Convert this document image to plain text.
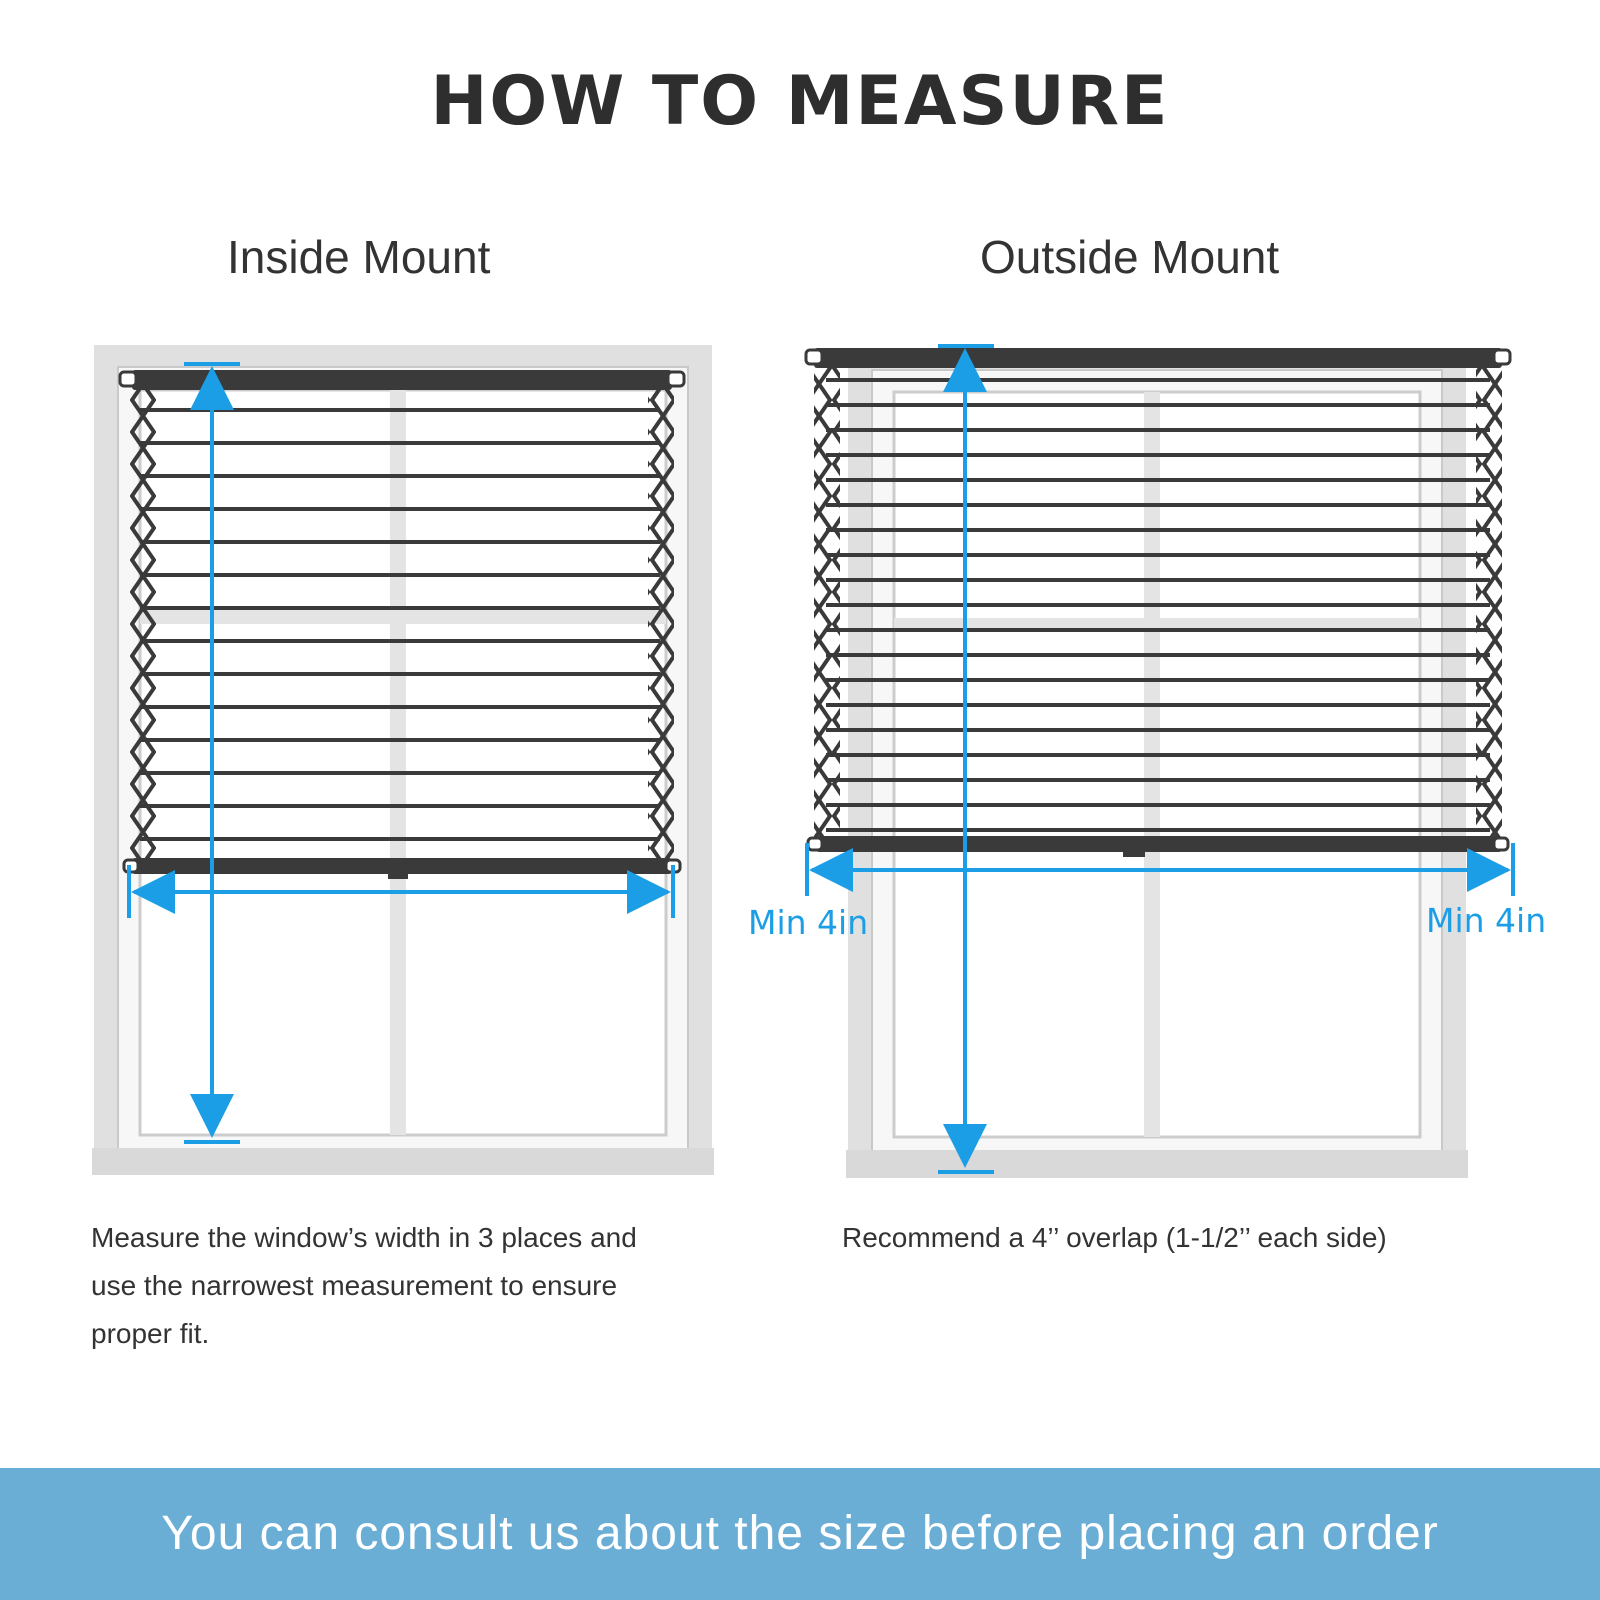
HOW TO MEASURE
Inside Mount	Outside Mount
Min 4in	Min 4in
Measure the window’s width in 3 places and
use the narrowest measurement to ensure
proper fit.
Recommend a 4’’ overlap (1-1/2’’ each side)
You can consult us about the size before placing an order
